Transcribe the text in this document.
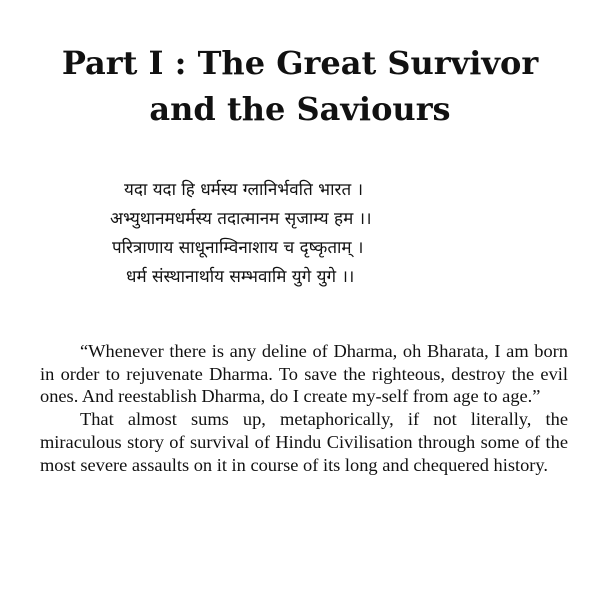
Part I : The Great Survivor
and the Saviours
यदा यदा हि धर्मस्य ग्लानिर्भवति भारत ।
अभ्युथानमधर्मस्य तदात्मानम सृजाम्य हम ।।
परित्राणाय साधूनाम्विनाशाय च दृष्कृताम् ।
धर्म संस्थानार्थाय सम्भवामि युगे युगे ।।

“Whenever there is any deline of Dharma, oh Bharata, I am born in order to rejuvenate Dharma. To save the righteous, destroy the evil ones. And reestablish Dharma, do I create my-self from age to age.”

That almost sums up, metaphorically, if not literally, the miraculous story of survival of Hindu Civilisation through some of the most severe assaults on it in course of its long and chequered history.
